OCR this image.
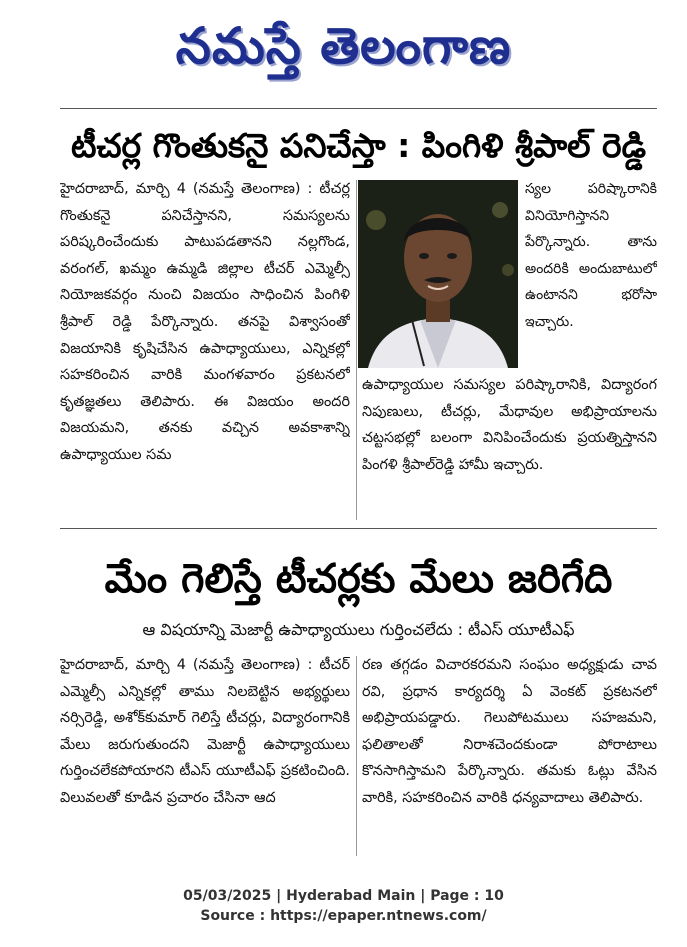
నమస్తే తెలంగాణ
టీచర్ల గొంతుకనై పనిచేస్తా : పింగిళి శ్రీపాల్ రెడ్డి
హైదరాబాద్, మార్చి 4 (నమస్తే తెలంగాణ) : టీచర్ల గొంతుకనై పనిచేస్తానని, సమస్యలను పరిష్కరించేందుకు పాటుపడతానని నల్లగొండ, వరంగల్, ఖమ్మం ఉమ్మడి జిల్లాల టీచర్ ఎమ్మెల్సీ నియోజకవర్గం నుంచి విజయం సాధించిన పింగిళి శ్రీపాల్ రెడ్డి పేర్కొన్నారు. తనపై విశ్వాసంతో విజయానికి కృషిచేసిన ఉపాధ్యాయులు, ఎన్నికల్లో సహకరించిన వారికి మంగళవారం ప్రకటనలో కృతజ్ఞతలు తెలిపారు. ఈ విజయం అందరి విజయమని, తనకు వచ్చిన అవకాశాన్ని ఉపాధ్యాయుల సమ
స్యల పరిష్కారానికి వినియోగిస్తానని పేర్కొన్నారు. తాను అందరికి అందుబాటులో ఉంటానని భరోసా ఇచ్చారు.
ఉపాధ్యాయుల సమస్యల పరిష్కారానికి, విద్యారంగ నిపుణులు, టీచర్లు, మేధావుల అభిప్రాయాలను చట్టసభల్లో బలంగా వినిపించేందుకు ప్రయత్నిస్తానని పింగళి శ్రీపాల్‌రెడ్డి హామీ ఇచ్చారు.
మేం గెలిస్తే టీచర్లకు మేలు జరిగేది
ఆ విషయాన్ని మెజార్టీ ఉపాధ్యాయులు గుర్తించలేదు : టీఎస్ యూటీఎఫ్
హైదరాబాద్, మార్చి 4 (నమస్తే తెలంగాణ) : టీచర్ ఎమ్మెల్సీ ఎన్నికల్లో తాము నిలబెట్టిన అభ్యర్థులు నర్సిరెడ్డి, అశోక్‌కుమార్ గెలిస్తే టీచర్లు, విద్యారంగానికి మేలు జరుగుతుందని మెజార్టీ ఉపాధ్యాయులు గుర్తించలేకపోయారని టీఎస్ యూటీఎఫ్ ప్రకటించింది. విలువలతో కూడిన ప్రచారం చేసినా ఆద
రణ తగ్గడం విచారకరమని సంఘం అధ్యక్షుడు చావ రవి, ప్రధాన కార్యదర్శి ఏ వెంకట్ ప్రకటనలో అభిప్రాయపడ్డారు. గెలుపోటములు సహజమని, ఫలితాలతో నిరాశచెందకుండా పోరాటాలు కొనసాగిస్తామని పేర్కొన్నారు. తమకు ఓట్లు వేసిన వారికి, సహకరించిన వారికి ధన్యవాదాలు తెలిపారు.
05/03/2025 | Hyderabad Main | Page : 10
Source : https://epaper.ntnews.com/
